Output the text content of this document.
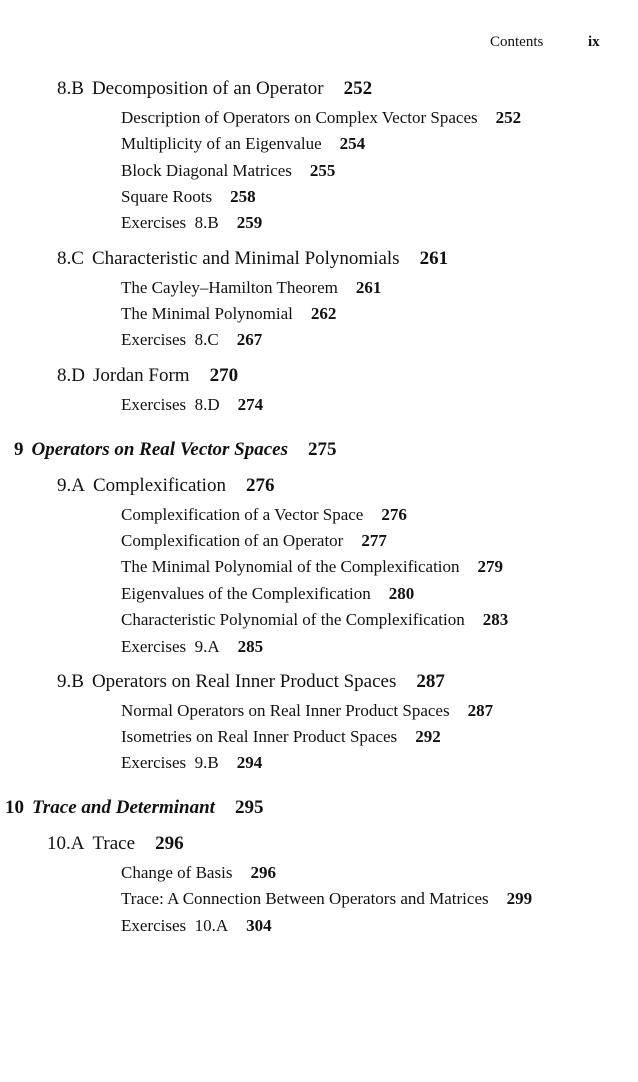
Contents	ix
8.B Decomposition of an Operator 252
Description of Operators on Complex Vector Spaces 252
Multiplicity of an Eigenvalue 254
Block Diagonal Matrices 255
Square Roots 258
Exercises  8.B 259
8.C Characteristic and Minimal Polynomials 261
The Cayley–Hamilton Theorem 261
The Minimal Polynomial 262
Exercises  8.C 267
8.D Jordan Form 270
Exercises  8.D 274
9 Operators on Real Vector Spaces 275
9.A Complexification 276
Complexification of a Vector Space 276
Complexification of an Operator 277
The Minimal Polynomial of the Complexification 279
Eigenvalues of the Complexification 280
Characteristic Polynomial of the Complexification 283
Exercises  9.A 285
9.B Operators on Real Inner Product Spaces 287
Normal Operators on Real Inner Product Spaces 287
Isometries on Real Inner Product Spaces 292
Exercises  9.B 294
10 Trace and Determinant 295
10.A Trace 296
Change of Basis 296
Trace: A Connection Between Operators and Matrices 299
Exercises  10.A 304
